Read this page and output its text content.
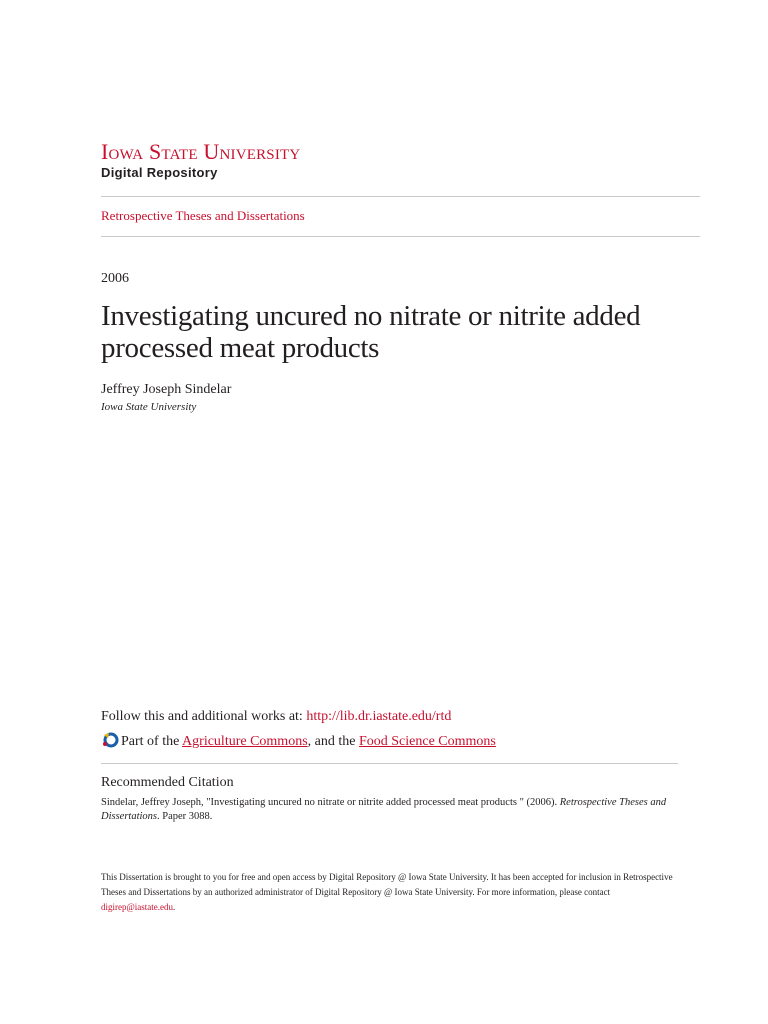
Iowa State University
Digital Repository
Retrospective Theses and Dissertations
2006
Investigating uncured no nitrate or nitrite added processed meat products
Jeffrey Joseph Sindelar
Iowa State University
Follow this and additional works at: http://lib.dr.iastate.edu/rtd
Part of the Agriculture Commons, and the Food Science Commons
Recommended Citation
Sindelar, Jeffrey Joseph, "Investigating uncured no nitrate or nitrite added processed meat products " (2006). Retrospective Theses and Dissertations. Paper 3088.
This Dissertation is brought to you for free and open access by Digital Repository @ Iowa State University. It has been accepted for inclusion in Retrospective Theses and Dissertations by an authorized administrator of Digital Repository @ Iowa State University. For more information, please contact digirep@iastate.edu.
